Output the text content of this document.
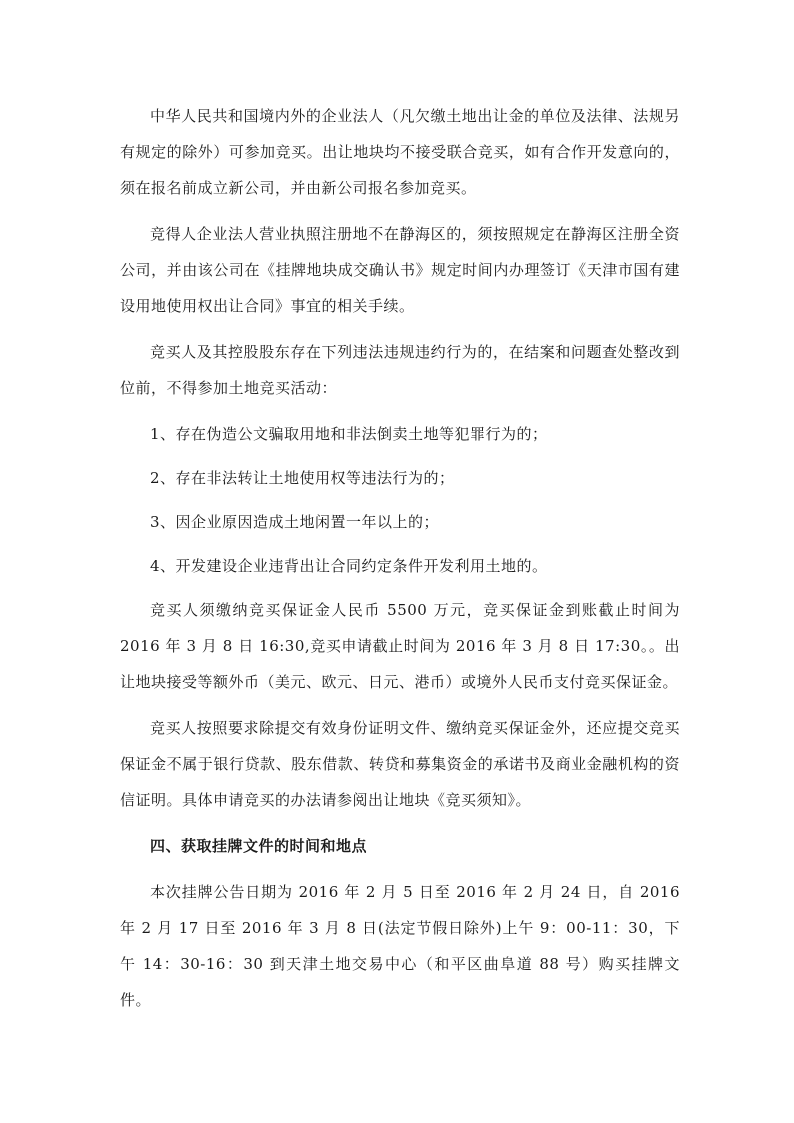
中华人民共和国境内外的企业法人（凡欠缴土地出让金的单位及法律、法规另有规定的除外）可参加竞买。出让地块均不接受联合竞买，如有合作开发意向的，须在报名前成立新公司，并由新公司报名参加竞买。

竞得人企业法人营业执照注册地不在静海区的，须按照规定在静海区注册全资公司，并由该公司在《挂牌地块成交确认书》规定时间内办理签订《天津市国有建设用地使用权出让合同》事宜的相关手续。

竞买人及其控股股东存在下列违法违规违约行为的，在结案和问题查处整改到位前，不得参加土地竞买活动：

1、存在伪造公文骗取用地和非法倒卖土地等犯罪行为的；

2、存在非法转让土地使用权等违法行为的；

3、因企业原因造成土地闲置一年以上的；

4、开发建设企业违背出让合同约定条件开发利用土地的。

竞买人须缴纳竞买保证金人民币 5500 万元，竞买保证金到账截止时间为 2016 年 3 月 8 日 16:30,竞买申请截止时间为 2016 年 3 月 8 日 17:30。。出让地块接受等额外币（美元、欧元、日元、港币）或境外人民币支付竞买保证金。

竞买人按照要求除提交有效身份证明文件、缴纳竞买保证金外，还应提交竞买保证金不属于银行贷款、股东借款、转贷和募集资金的承诺书及商业金融机构的资信证明。具体申请竞买的办法请参阅出让地块《竞买须知》。

四、获取挂牌文件的时间和地点

本次挂牌公告日期为 2016 年 2 月 5 日至 2016 年 2 月 24 日，自 2016 年 2 月 17 日至 2016 年 3 月 8 日(法定节假日除外)上午 9：00-11：30，下午 14：30-16：30 到天津土地交易中心（和平区曲阜道 88 号）购买挂牌文件。
